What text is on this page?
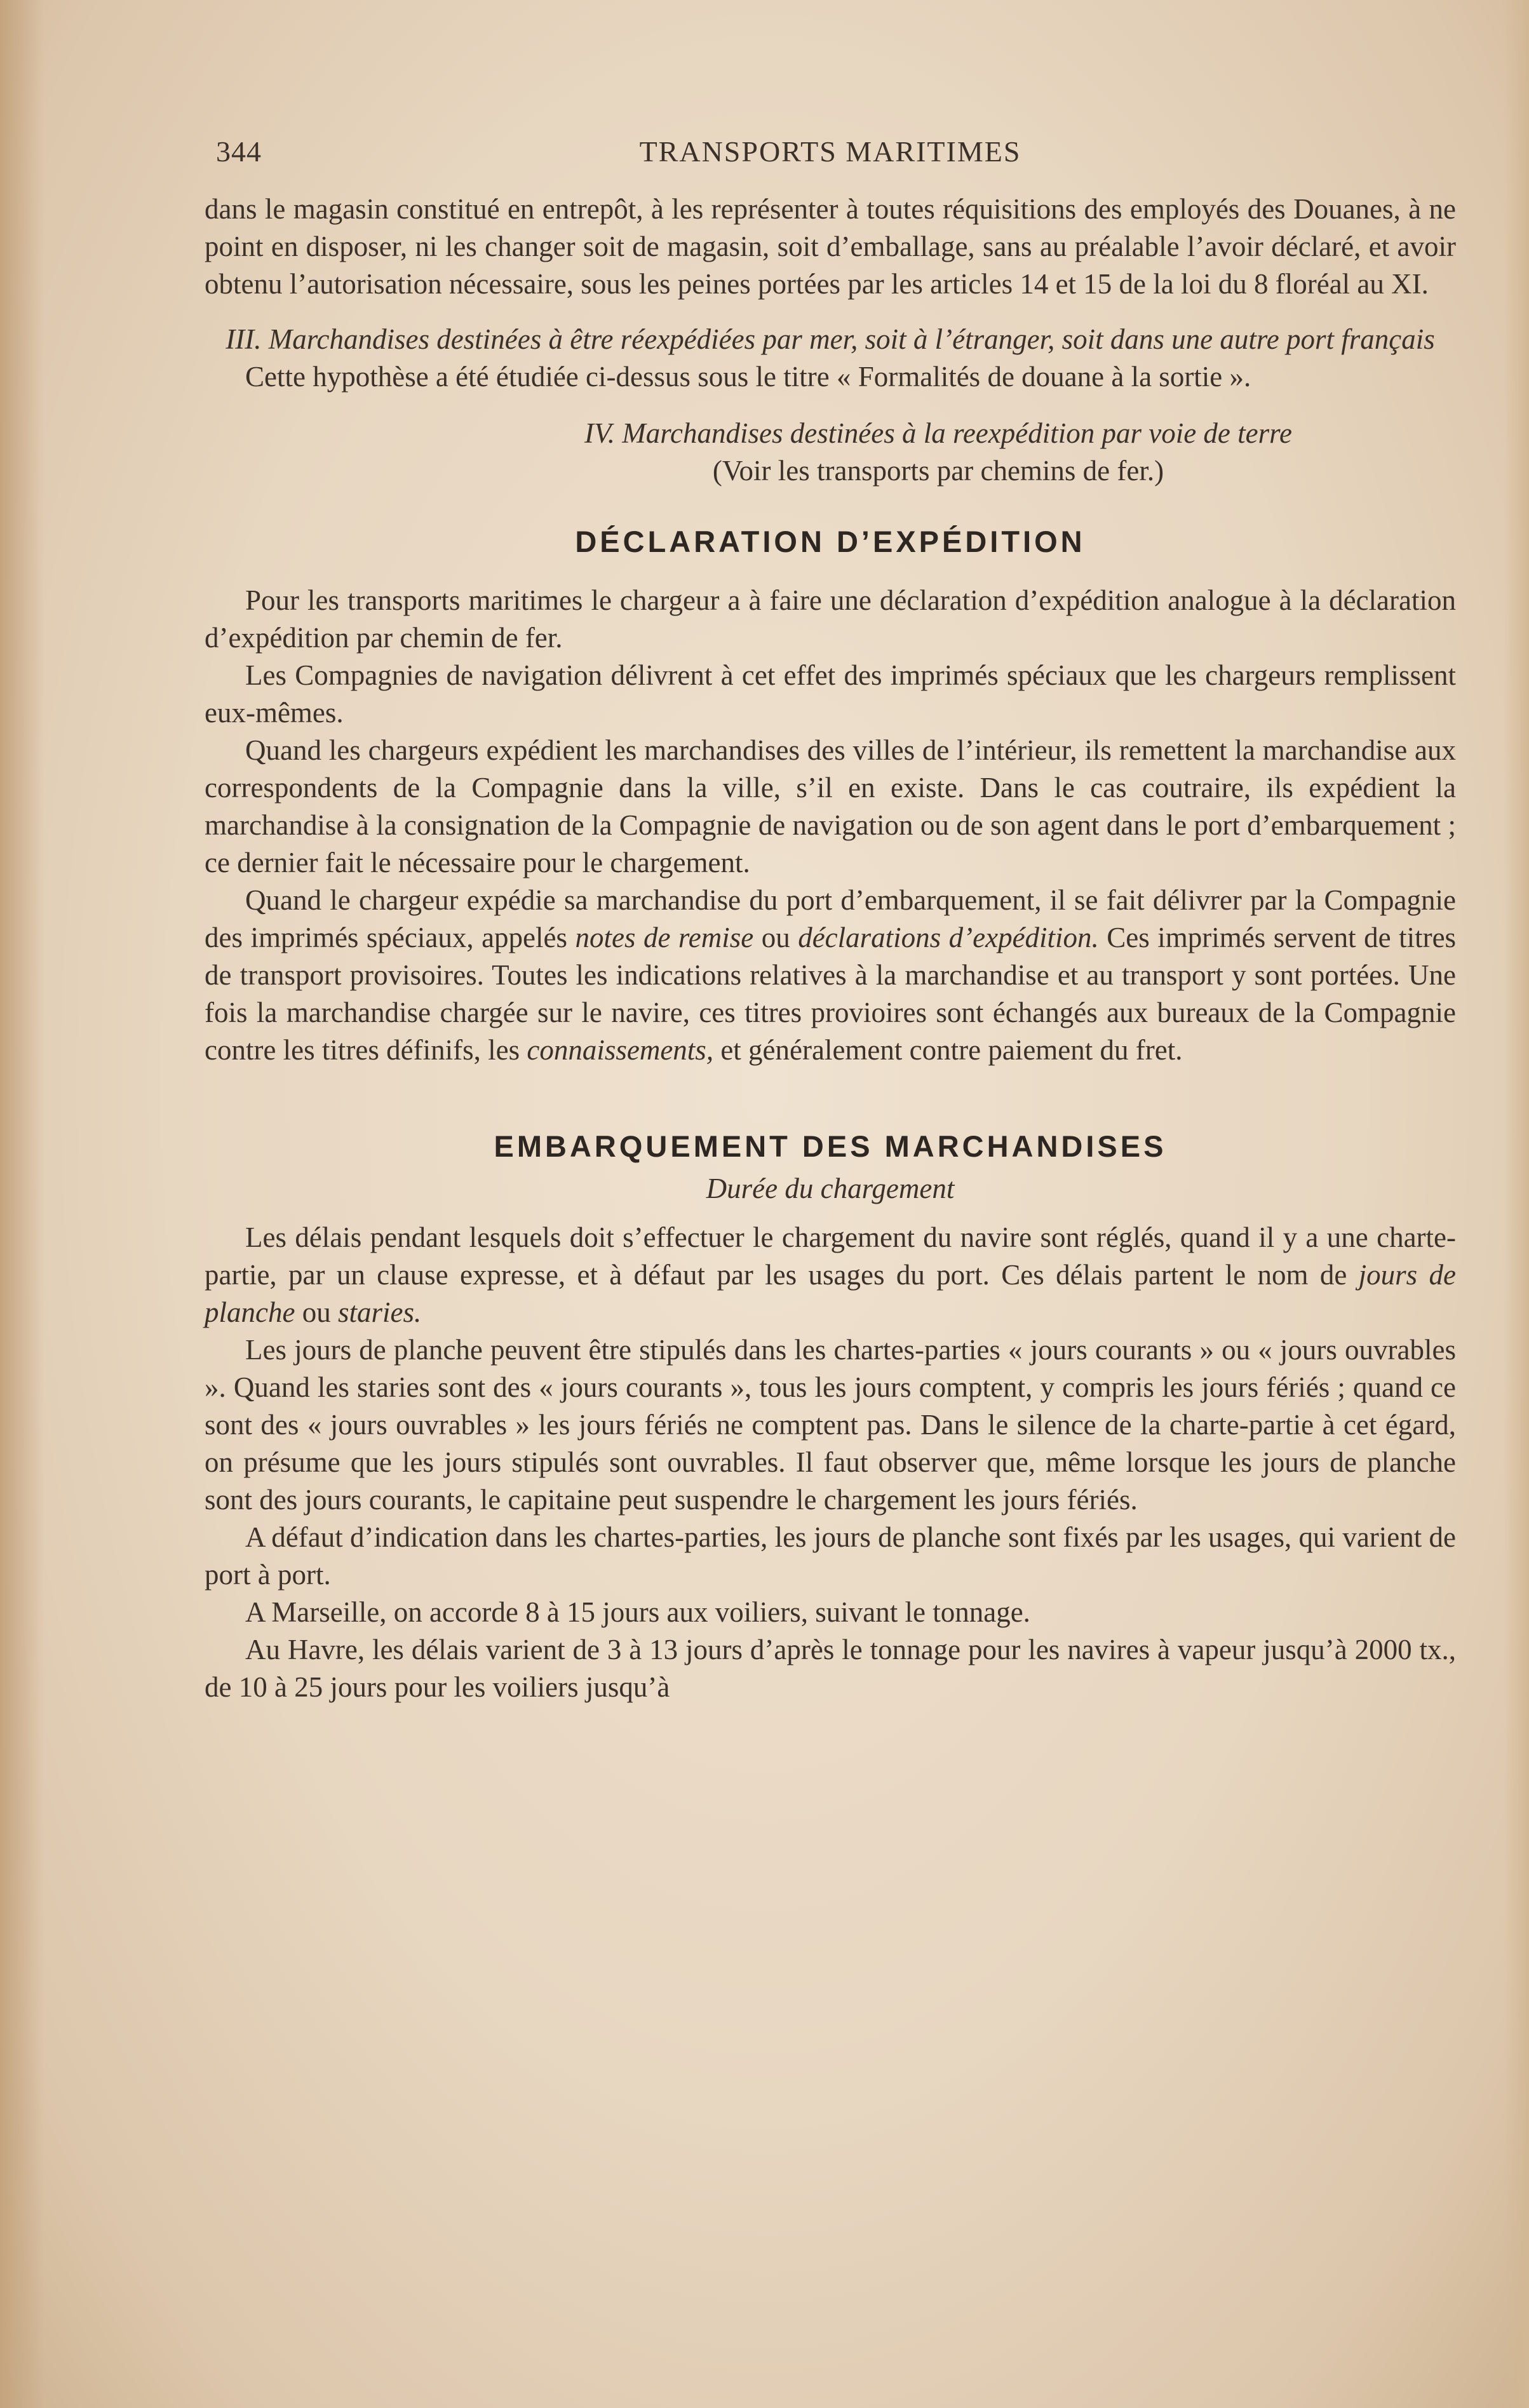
TRANSPORTS MARITIMES
344

dans le magasin constitué en entrepôt, à les représenter à toutes réquisitions des employés des Douanes, à ne point en disposer, ni les changer soit de magasin, soit d’emballage, sans au préalable l’avoir déclaré, et avoir obtenu l’autorisation nécessaire, sous les peines portées par les articles 14 et 15 de la loi du 8 floréal au XI.

III. Marchandises destinées à être réexpédiées par mer, soit à l’étranger, soit dans une autre port français

Cette hypothèse a été étudiée ci-dessus sous le titre « Formalités de douane à la sortie ».

IV. Marchandises destinées à la reexpédition par voie de terre

(Voir les transports par chemins de fer.)

DÉCLARATION D’EXPÉDITION

Pour les transports maritimes le chargeur a à faire une déclaration d’expédition analogue à la déclaration d’expédition par chemin de fer.

Les Compagnies de navigation délivrent à cet effet des imprimés spéciaux que les chargeurs remplissent eux-mêmes.

Quand les chargeurs expédient les marchandises des villes de l’intérieur, ils remettent la marchandise aux correspondents de la Compagnie dans la ville, s’il en existe. Dans le cas coutraire, ils expédient la marchandise à la consignation de la Compagnie de navigation ou de son agent dans le port d’embarquement ; ce dernier fait le nécessaire pour le chargement.

Quand le chargeur expédie sa marchandise du port d’embarquement, il se fait délivrer par la Compagnie des imprimés spéciaux, appelés notes de remise ou déclarations d’expédition. Ces imprimés servent de titres de transport provisoires. Toutes les indications relatives à la marchandise et au transport y sont portées. Une fois la marchandise chargée sur le navire, ces titres provioires sont échangés aux bureaux de la Compagnie contre les titres définifs, les connaissements, et généralement contre paiement du fret.

EMBARQUEMENT DES MARCHANDISES

Durée du chargement

Les délais pendant lesquels doit s’effectuer le chargement du navire sont réglés, quand il y a une charte-partie, par un clause expresse, et à défaut par les usages du port. Ces délais partent le nom de jours de planche ou staries.

Les jours de planche peuvent être stipulés dans les chartes-parties « jours courants » ou « jours ouvrables ». Quand les staries sont des « jours courants », tous les jours comptent, y compris les jours fériés ; quand ce sont des « jours ouvrables » les jours fériés ne comptent pas. Dans le silence de la charte-partie à cet égard, on présume que les jours stipulés sont ouvrables. Il faut observer que, même lorsque les jours de planche sont des jours courants, le capitaine peut suspendre le chargement les jours fériés.

A défaut d’indication dans les chartes-parties, les jours de planche sont fixés par les usages, qui varient de port à port.

A Marseille, on accorde 8 à 15 jours aux voiliers, suivant le tonnage.

Au Havre, les délais varient de 3 à 13 jours d’après le tonnage pour les navires à vapeur jusqu’à 2000 tx., de 10 à 25 jours pour les voiliers jusqu’à
